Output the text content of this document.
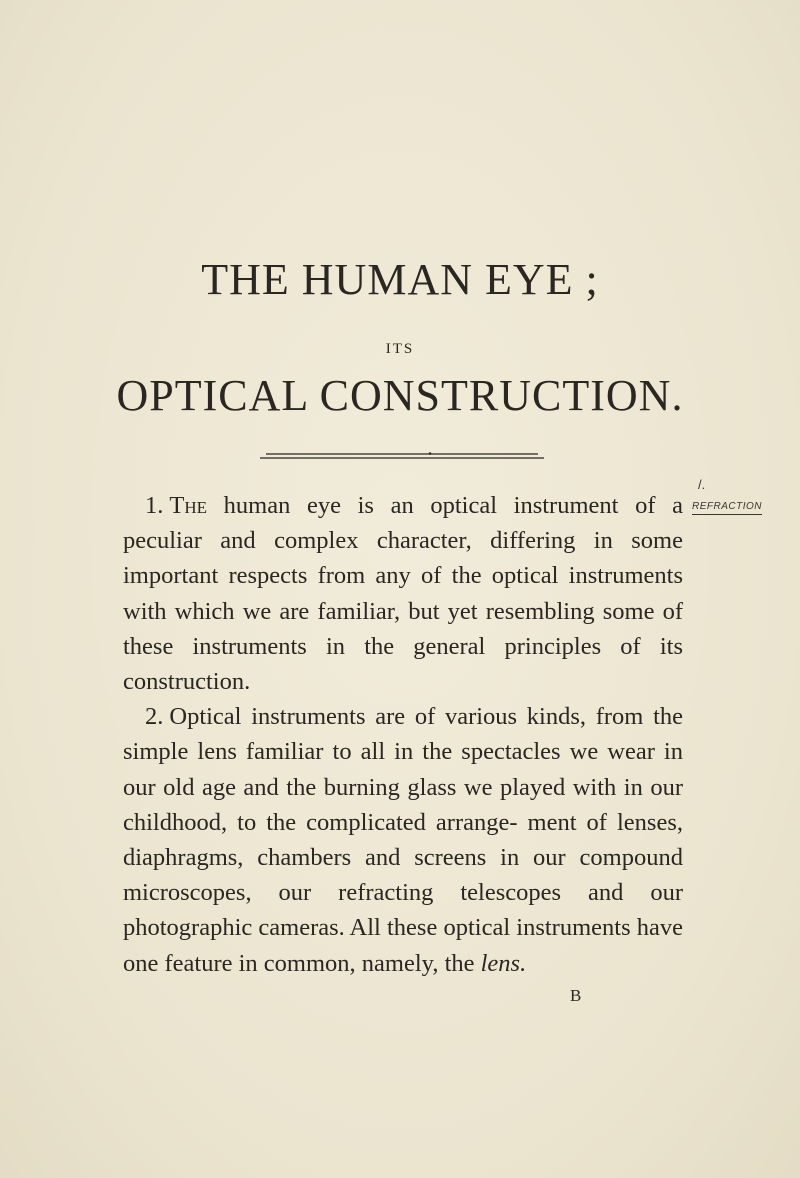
THE HUMAN EYE ;
ITS
OPTICAL CONSTRUCTION.
/.
REFRACTION

1. The human eye is an optical instrument of a peculiar and complex character, differing in some important respects from any of the optical instruments with which we are familiar, but yet resembling some of these instruments in the general principles of its construction.

2. Optical instruments are of various kinds, from the simple lens familiar to all in the spectacles we wear in our old age and the burning glass we played with in our childhood, to the complicated arrange- ment of lenses, diaphragms, chambers and screens in our compound microscopes, our refracting telescopes and our photographic cameras. All these optical instruments have one feature in common, namely, the lens.

B
